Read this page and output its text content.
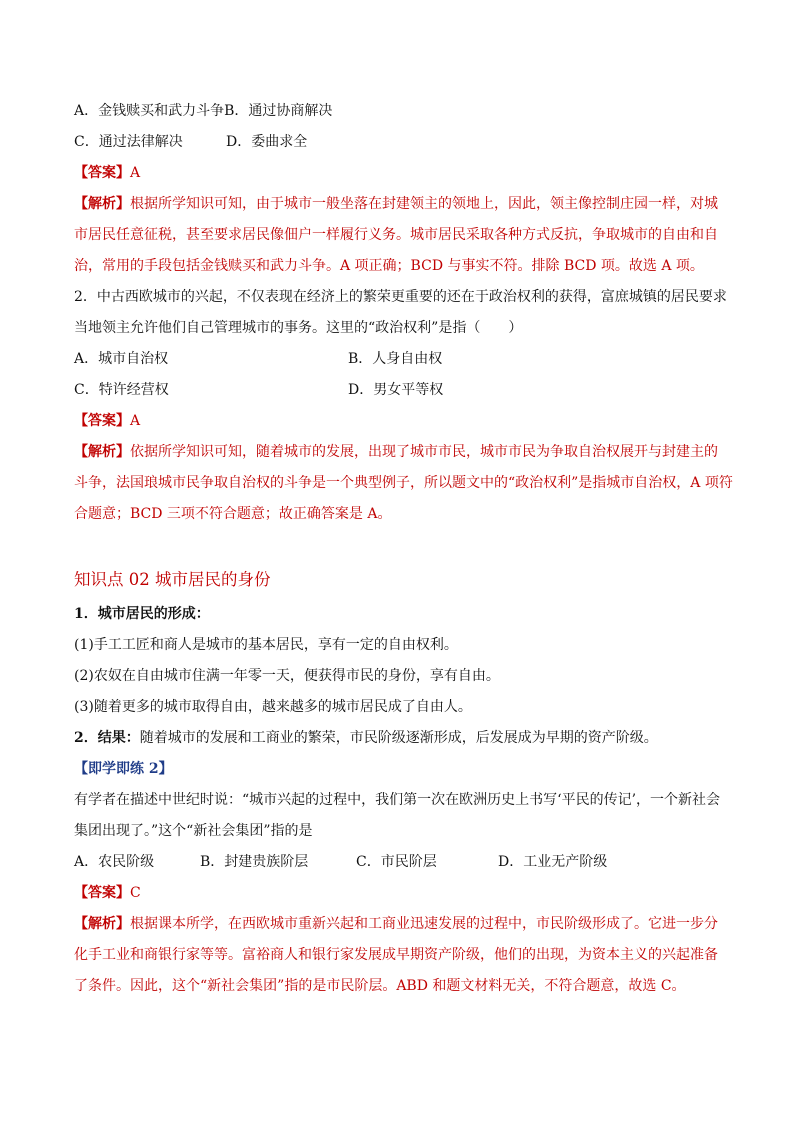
A．金钱赎买和武力斗争B．通过协商解决
C．通过法律解决	D．委曲求全
【答案】A
【解析】根据所学知识可知，由于城市一般坐落在封建领主的领地上，因此，领主像控制庄园一样，对城
市居民任意征税，甚至要求居民像佃户一样履行义务。城市居民采取各种方式反抗，争取城市的自由和自
治，常用的手段包括金钱赎买和武力斗争。A 项正确；BCD 与事实不符。排除 BCD 项。故选 A 项。
2．中古西欧城市的兴起，不仅表现在经济上的繁荣更重要的还在于政治权利的获得，富庶城镇的居民要求
当地领主允许他们自己管理城市的事务。这里的“政治权利”是指（　　）
A．城市自治权	B．人身自由权
C．特许经营权	D．男女平等权
【答案】A
【解析】依据所学知识可知，随着城市的发展，出现了城市市民，城市市民为争取自治权展开与封建主的
斗争，法国琅城市民争取自治权的斗争是一个典型例子，所以题文中的“政治权利”是指城市自治权，A 项符
合题意；BCD 三项不符合题意；故正确答案是 A。
知识点 02 城市居民的身份
1．城市居民的形成：
(1)手工工匠和商人是城市的基本居民，享有一定的自由权利。
(2)农奴在自由城市住满一年零一天，便获得市民的身份，享有自由。
(3)随着更多的城市取得自由，越来越多的城市居民成了自由人。
2．结果：随着城市的发展和工商业的繁荣，市民阶级逐渐形成，后发展成为早期的资产阶级。
【即学即练 2】
有学者在描述中世纪时说：“城市兴起的过程中，我们第一次在欧洲历史上书写‘平民的传记’，一个新社会
集团出现了。”这个“新社会集团”指的是
A．农民阶级	B．封建贵族阶层	C．市民阶层	D．工业无产阶级
【答案】C
【解析】根据课本所学，在西欧城市重新兴起和工商业迅速发展的过程中，市民阶级形成了。它进一步分
化手工业和商银行家等等。富裕商人和银行家发展成早期资产阶级，他们的出现，为资本主义的兴起准备
了条件。因此，这个“新社会集团”指的是市民阶层。ABD 和题文材料无关，不符合题意，故选 C。
